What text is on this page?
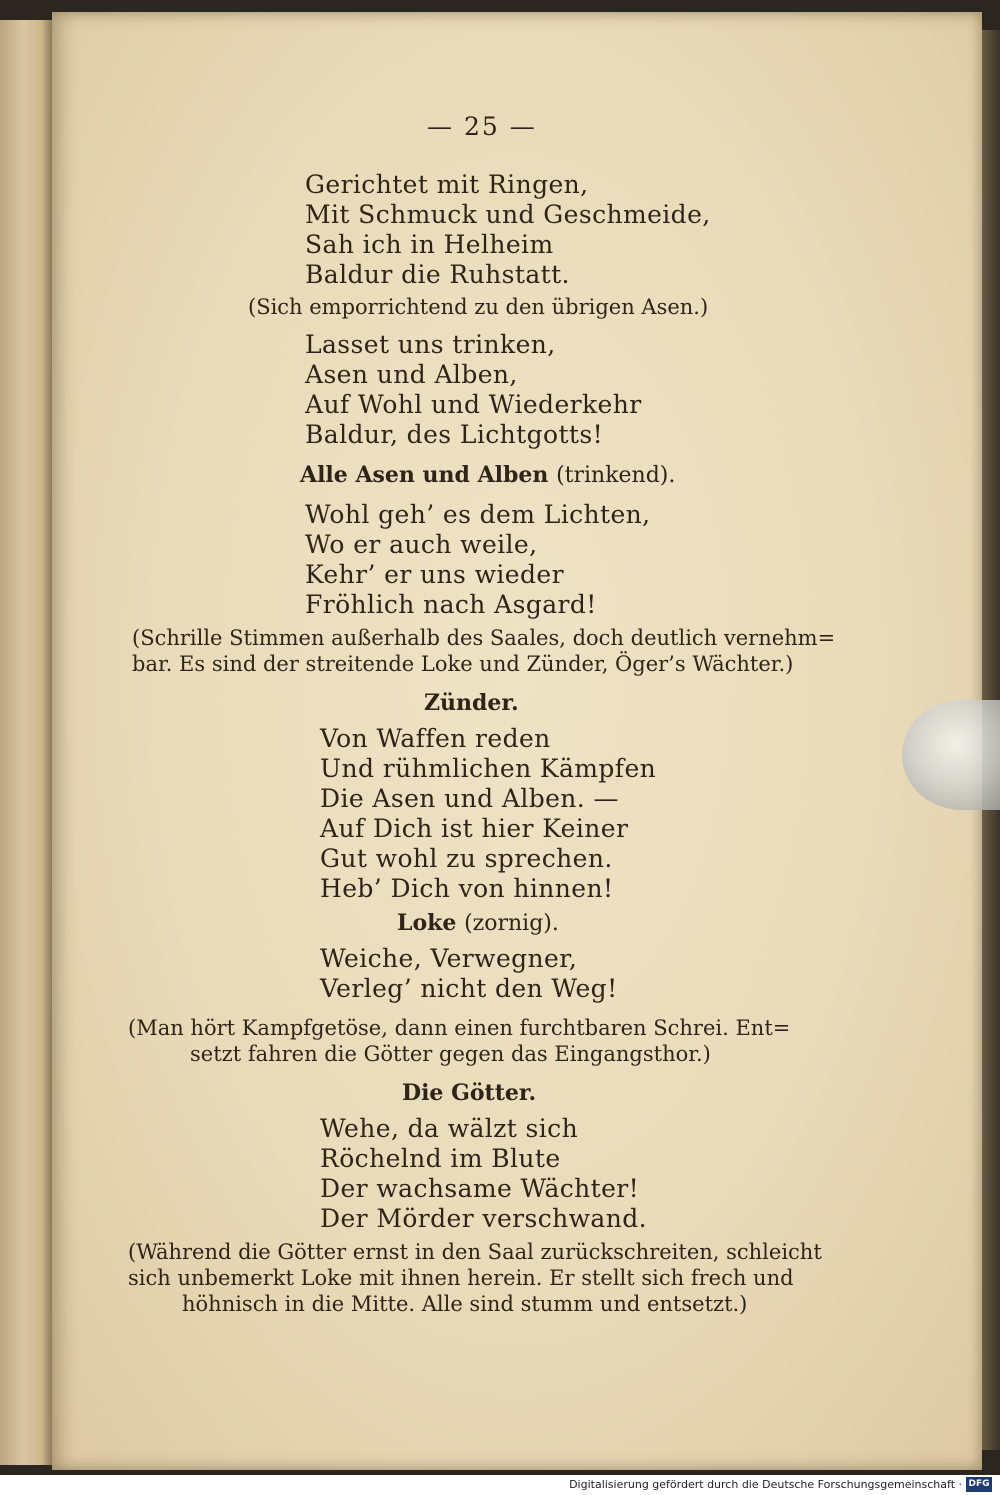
— 25 —
Gerichtet mit Ringen,
Mit Schmuck und Geschmeide,
Sah ich in Helheim
Baldur die Ruhstatt.
(Sich emporrichtend zu den übrigen Asen.)
Lasset uns trinken,
Asen und Alben,
Auf Wohl und Wiederkehr
Baldur, des Lichtgotts!
Alle Asen und Alben (trinkend).
Wohl geh’ es dem Lichten,
Wo er auch weile,
Kehr’ er uns wieder
Fröhlich nach Asgard!
(Schrille Stimmen außerhalb des Saales, doch deutlich vernehm=
bar. Es sind der streitende Loke und Zünder, Öger’s Wächter.)
Zünder.
Von Waffen reden
Und rühmlichen Kämpfen
Die Asen und Alben. —
Auf Dich ist hier Keiner
Gut wohl zu sprechen.
Heb’ Dich von hinnen!
Loke (zornig).
Weiche, Verwegner,
Verleg’ nicht den Weg!
(Man hört Kampfgetöse, dann einen furchtbaren Schrei. Ent=
setzt fahren die Götter gegen das Eingangsthor.)
Die Götter.
Wehe, da wälzt sich
Röchelnd im Blute
Der wachsame Wächter!
Der Mörder verschwand.
(Während die Götter ernst in den Saal zurückschreiten, schleicht
sich unbemerkt Loke mit ihnen herein. Er stellt sich frech und
höhnisch in die Mitte. Alle sind stumm und entsetzt.)
Digitalisierung gefördert durch die Deutsche Forschungsgemeinschaft · DFG
